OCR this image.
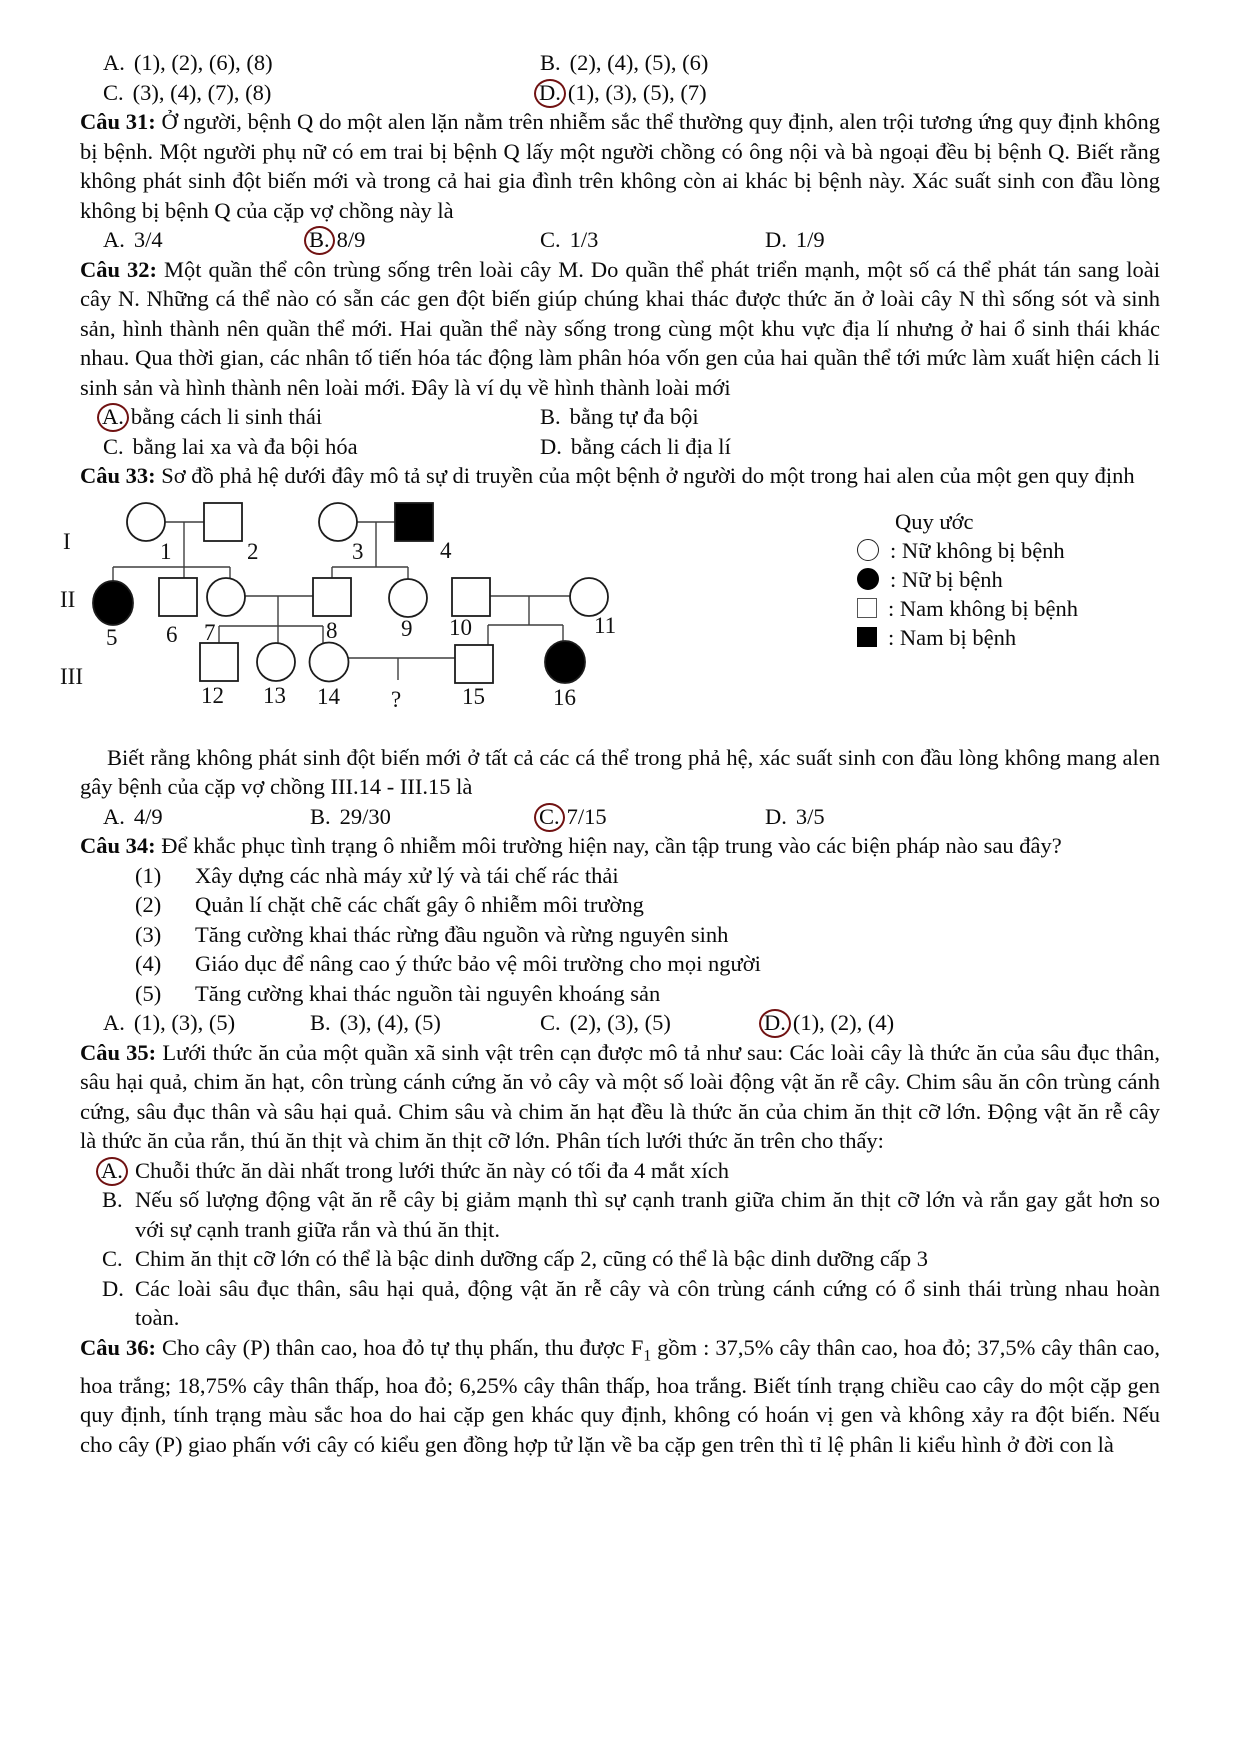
A. (1), (2), (6), (8)	B. (2), (4), (5), (6)
C. (3), (4), (7), (8)	D. (1), (3), (5), (7)

Câu 31: Ở người, bệnh Q do một alen lặn nằm trên nhiễm sắc thể thường quy định, alen trội tương ứng quy định không bị bệnh. Một người phụ nữ có em trai bị bệnh Q lấy một người chồng có ông nội và bà ngoại đều bị bệnh Q. Biết rằng không phát sinh đột biến mới và trong cả hai gia đình trên không còn ai khác bị bệnh này. Xác suất sinh con đầu lòng không bị bệnh Q của cặp vợ chồng này là

A. 3/4	B. 8/9	C. 1/3	D. 1/9

Câu 32: Một quần thể côn trùng sống trên loài cây M. Do quần thể phát triển mạnh, một số cá thể phát tán sang loài cây N. Những cá thể nào có sẵn các gen đột biến giúp chúng khai thác được thức ăn ở loài cây N thì sống sót và sinh sản, hình thành nên quần thể mới. Hai quần thể này sống trong cùng một khu vực địa lí nhưng ở hai ổ sinh thái khác nhau. Qua thời gian, các nhân tố tiến hóa tác động làm phân hóa vốn gen của hai quần thể tới mức làm xuất hiện cách li sinh sản và hình thành nên loài mới. Đây là ví dụ về hình thành loài mới

A. bằng cách li sinh thái	B. bằng tự đa bội
C. bằng lai xa và đa bội hóa	D. bằng cách li địa lí

Câu 33: Sơ đồ phả hệ dưới đây mô tả sự di truyền của một bệnh ở người do một trong hai alen của một gen quy định

I
II
III
1	2	3	4
5 6 7	8	9 10	11
12 13 14 ?	15	16
Quy ước
: Nữ không bị bệnh
: Nữ bị bệnh
: Nam không bị bệnh
: Nam bị bệnh

Biết rằng không phát sinh đột biến mới ở tất cả các cá thể trong phả hệ, xác suất sinh con đầu lòng không mang alen gây bệnh của cặp vợ chồng III.14 - III.15 là

A. 4/9	B. 29/30	C. 7/15	D. 3/5

Câu 34: Để khắc phục tình trạng ô nhiễm môi trường hiện nay, cần tập trung vào các biện pháp nào sau đây?

(1) Xây dựng các nhà máy xử lý và tái chế rác thải
(2) Quản lí chặt chẽ các chất gây ô nhiễm môi trường
(3) Tăng cường khai thác rừng đầu nguồn và rừng nguyên sinh
(4) Giáo dục để nâng cao ý thức bảo vệ môi trường cho mọi người
(5) Tăng cường khai thác nguồn tài nguyên khoáng sản
A. (1), (3), (5)	B. (3), (4), (5)	C. (2), (3), (5)	D. (1), (2), (4)

Câu 35: Lưới thức ăn của một quần xã sinh vật trên cạn được mô tả như sau: Các loài cây là thức ăn của sâu đục thân, sâu hại quả, chim ăn hạt, côn trùng cánh cứng ăn vỏ cây và một số loài động vật ăn rễ cây. Chim sâu ăn côn trùng cánh cứng, sâu đục thân và sâu hại quả. Chim sâu và chim ăn hạt đều là thức ăn của chim ăn thịt cỡ lớn. Động vật ăn rễ cây là thức ăn của rắn, thú ăn thịt và chim ăn thịt cỡ lớn. Phân tích lưới thức ăn trên cho thấy:

A. Chuỗi thức ăn dài nhất trong lưới thức ăn này có tối đa 4 mắt xích
B. Nếu số lượng động vật ăn rễ cây bị giảm mạnh thì sự cạnh tranh giữa chim ăn thịt cỡ lớn và rắn gay gắt hơn so với sự cạnh tranh giữa rắn và thú ăn thịt.
C. Chim ăn thịt cỡ lớn có thể là bậc dinh dưỡng cấp 2, cũng có thể là bậc dinh dưỡng cấp 3
D. Các loài sâu đục thân, sâu hại quả, động vật ăn rễ cây và côn trùng cánh cứng có ổ sinh thái trùng nhau hoàn toàn.

Câu 36: Cho cây (P) thân cao, hoa đỏ tự thụ phấn, thu được $F_1$ gồm : 37,5% cây thân cao, hoa đỏ; 37,5% cây thân cao, hoa trắng; 18,75% cây thân thấp, hoa đỏ; 6,25% cây thân thấp, hoa trắng. Biết tính trạng chiều cao cây do một cặp gen quy định, tính trạng màu sắc hoa do hai cặp gen khác quy định, không có hoán vị gen và không xảy ra đột biến. Nếu cho cây (P) giao phấn với cây có kiểu gen đồng hợp tử lặn về ba cặp gen trên thì tỉ lệ phân li kiểu hình ở đời con là
